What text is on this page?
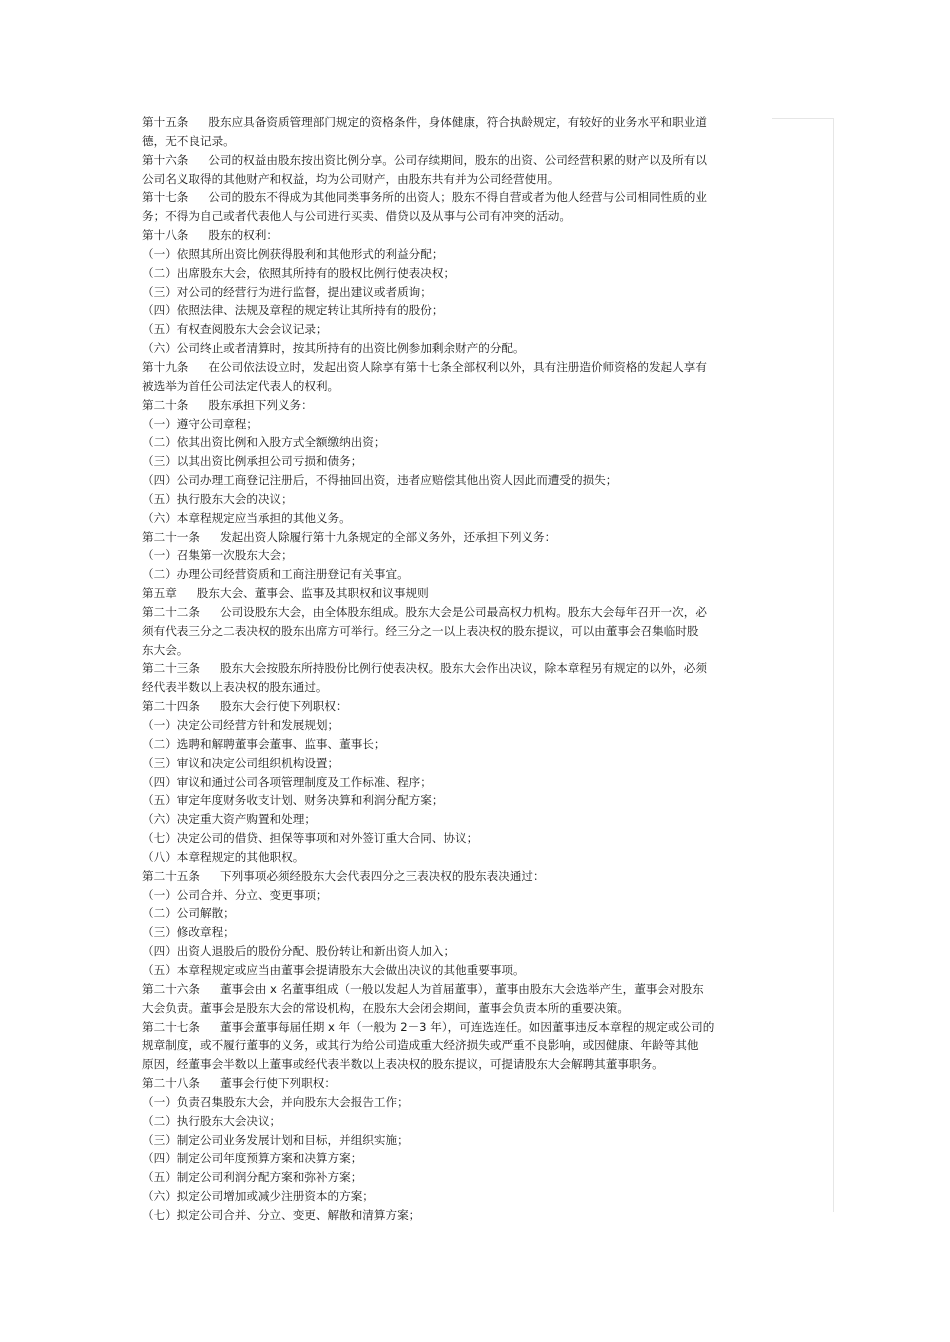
第十五条 股东应具备资质管理部门规定的资格条件，身体健康，符合执龄规定，有较好的业务水平和职业道
德，无不良记录。
第十六条 公司的权益由股东按出资比例分享。公司存续期间，股东的出资、公司经营积累的财产以及所有以
公司名义取得的其他财产和权益，均为公司财产，由股东共有并为公司经营使用。
第十七条 公司的股东不得成为其他同类事务所的出资人；股东不得自营或者为他人经营与公司相同性质的业
务；不得为自己或者代表他人与公司进行买卖、借贷以及从事与公司有冲突的活动。
第十八条 股东的权利：
（一）依照其所出资比例获得股利和其他形式的利益分配；
（二）出席股东大会，依照其所持有的股权比例行使表决权；
（三）对公司的经营行为进行监督，提出建议或者质询；
（四）依照法律、法规及章程的规定转让其所持有的股份；
（五）有权查阅股东大会会议记录；
（六）公司终止或者清算时，按其所持有的出资比例参加剩余财产的分配。
第十九条 在公司依法设立时，发起出资人除享有第十七条全部权利以外，具有注册造价师资格的发起人享有
被选举为首任公司法定代表人的权利。
第二十条 股东承担下列义务：
（一）遵守公司章程；
（二）依其出资比例和入股方式全额缴纳出资；
（三）以其出资比例承担公司亏损和债务；
（四）公司办理工商登记注册后，不得抽回出资，违者应赔偿其他出资人因此而遭受的损失；
（五）执行股东大会的决议；
（六）本章程规定应当承担的其他义务。
第二十一条 发起出资人除履行第十九条规定的全部义务外，还承担下列义务：
（一）召集第一次股东大会；
（二）办理公司经营资质和工商注册登记有关事宜。
第五章 股东大会、董事会、监事及其职权和议事规则
第二十二条 公司设股东大会，由全体股东组成。股东大会是公司最高权力机构。股东大会每年召开一次，必
须有代表三分之二表决权的股东出席方可举行。经三分之一以上表决权的股东提议，可以由董事会召集临时股
东大会。
第二十三条 股东大会按股东所持股份比例行使表决权。股东大会作出决议，除本章程另有规定的以外，必须
经代表半数以上表决权的股东通过。
第二十四条 股东大会行使下列职权：
（一）决定公司经营方针和发展规划；
（二）选聘和解聘董事会董事、监事、董事长；
（三）审议和决定公司组织机构设置；
（四）审议和通过公司各项管理制度及工作标准、程序；
（五）审定年度财务收支计划、财务决算和利润分配方案；
（六）决定重大资产购置和处理；
（七）决定公司的借贷、担保等事项和对外签订重大合同、协议；
（八）本章程规定的其他职权。
第二十五条 下列事项必须经股东大会代表四分之三表决权的股东表决通过：
（一）公司合并、分立、变更事项；
（二）公司解散；
（三）修改章程；
（四）出资人退股后的股份分配、股份转让和新出资人加入；
（五）本章程规定或应当由董事会提请股东大会做出决议的其他重要事项。
第二十六条 董事会由 x 名董事组成（一般以发起人为首届董事），董事由股东大会选举产生，董事会对股东
大会负责。董事会是股东大会的常设机构，在股东大会闭会期间，董事会负责本所的重要决策。
第二十七条 董事会董事每届任期 x 年（一般为 2－3 年），可连选连任。如因董事违反本章程的规定或公司的
规章制度，或不履行董事的义务，或其行为给公司造成重大经济损失或严重不良影响，或因健康、年龄等其他
原因，经董事会半数以上董事或经代表半数以上表决权的股东提议，可提请股东大会解聘其董事职务。
第二十八条 董事会行使下列职权：
（一）负责召集股东大会，并向股东大会报告工作；
（二）执行股东大会决议；
（三）制定公司业务发展计划和目标，并组织实施；
（四）制定公司年度预算方案和决算方案；
（五）制定公司利润分配方案和弥补方案；
（六）拟定公司增加或减少注册资本的方案；
（七）拟定公司合并、分立、变更、解散和清算方案；
